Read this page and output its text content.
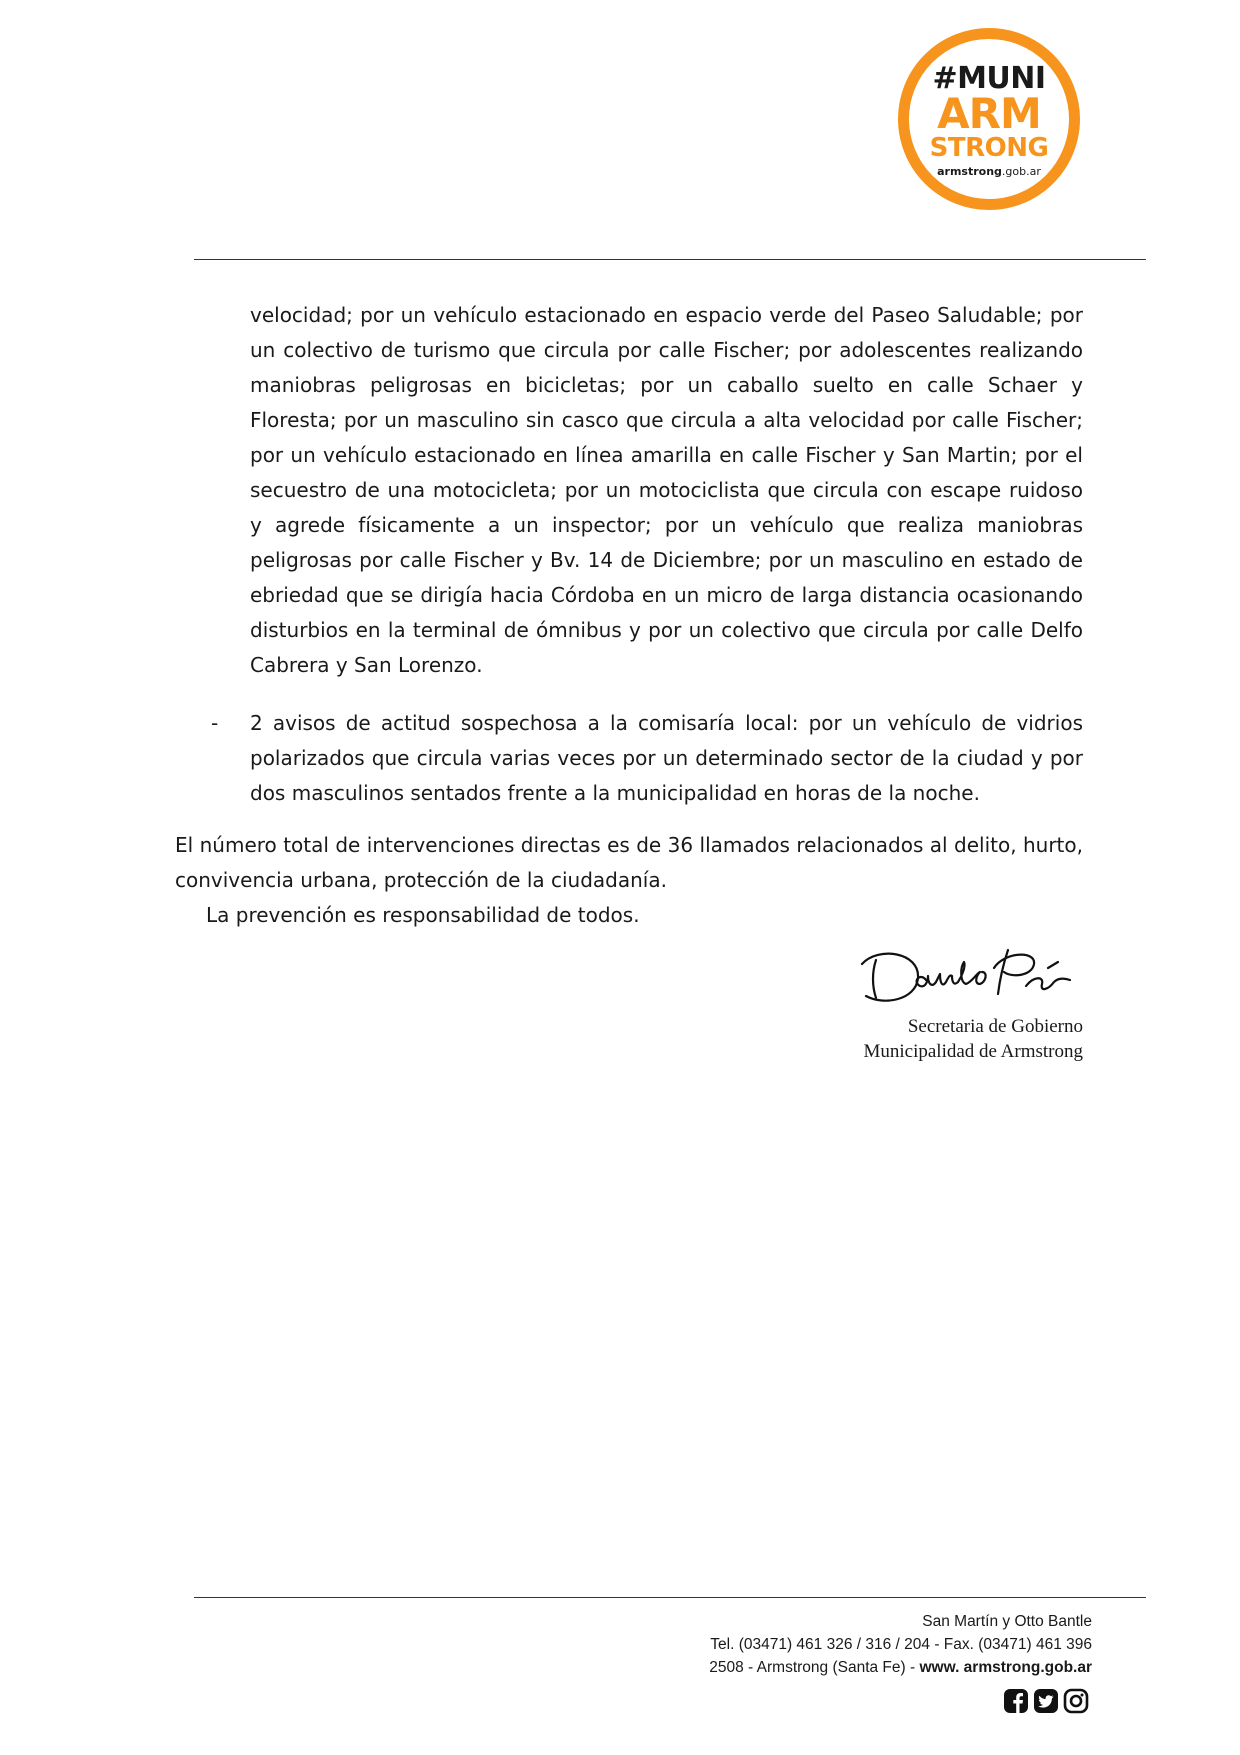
#MUNI
ARM
STRONG
armstrong.gob.ar

velocidad; por un vehículo estacionado en espacio verde del Paseo Saludable; por un colectivo de turismo que circula por calle Fischer; por adolescentes realizando maniobras peligrosas en bicicletas; por un caballo suelto en calle Schaer y Floresta; por un masculino sin casco que circula a alta velocidad por calle Fischer; por un vehículo estacionado en línea amarilla en calle Fischer y San Martin; por el secuestro de una motocicleta; por un motociclista que circula con escape ruidoso y agrede físicamente a un inspector; por un vehículo que realiza maniobras peligrosas por calle Fischer y Bv. 14 de Diciembre; por un masculino en estado de ebriedad que se dirigía hacia Córdoba en un micro de larga distancia ocasionando disturbios en la terminal de ómnibus y por un colectivo que circula por calle Delfo Cabrera y San Lorenzo.

- 2 avisos de actitud sospechosa a la comisaría local: por un vehículo de vidrios polarizados que circula varias veces por un determinado sector de la ciudad y por dos masculinos sentados frente a la municipalidad en horas de la noche.

El número total de intervenciones directas es de 36 llamados relacionados al delito, hurto, convivencia urbana, protección de la ciudadanía.

La prevención es responsabilidad de todos.

Secretaria de Gobierno
Municipalidad de Armstrong
San Martín y Otto Bantle
Tel. (03471) 461 326 / 316 / 204 - Fax. (03471) 461 396
2508 - Armstrong (Santa Fe) - www. armstrong.gob.ar
